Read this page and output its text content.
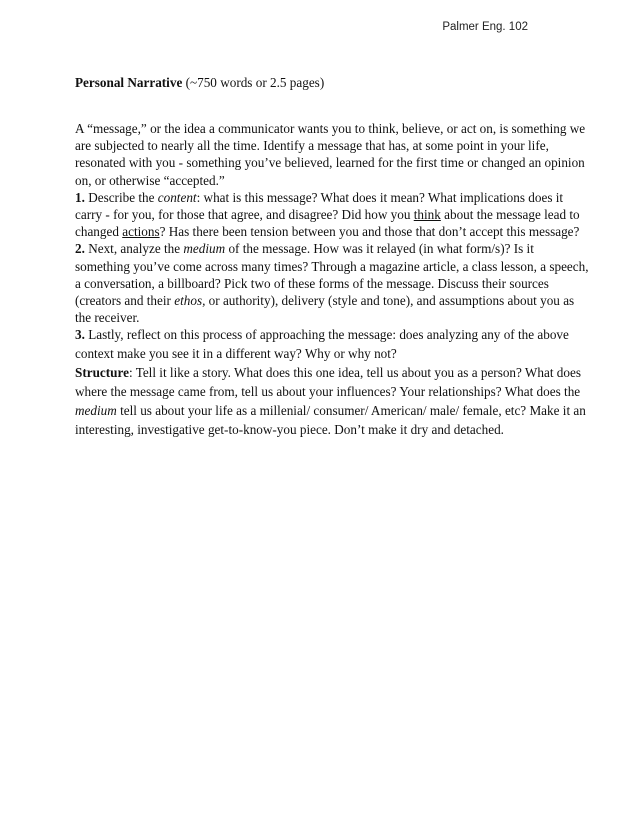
Palmer Eng. 102
Personal Narrative (~750 words or 2.5 pages)

A “message,” or the idea a communicator wants you to think, believe, or act on, is something we
are subjected to nearly all the time. Identify a message that has, at some point in your life,
resonated with you - something you’ve believed, learned for the first time or changed an opinion
on, or otherwise “accepted.”

1. Describe the content: what is this message? What does it mean? What implications does it
carry - for you, for those that agree, and disagree? Did how you think about the message lead to
changed actions? Has there been tension between you and those that don’t accept this message?

2. Next, analyze the medium of the message. How was it relayed (in what form/s)? Is it
something you’ve come across many times? Through a magazine article, a class lesson, a speech,
a conversation, a billboard? Pick two of these forms of the message. Discuss their sources
(creators and their ethos, or authority), delivery (style and tone), and assumptions about you as
the receiver.

3. Lastly, reflect on this process of approaching the message: does analyzing any of the above
context make you see it in a different way? Why or why not?

Structure: Tell it like a story. What does this one idea, tell us about you as a person? What does
where the message came from, tell us about your influences? Your relationships? What does the
medium tell us about your life as a millenial/ consumer/ American/ male/ female, etc? Make it an
interesting, investigative get-to-know-you piece. Don’t make it dry and detached.
